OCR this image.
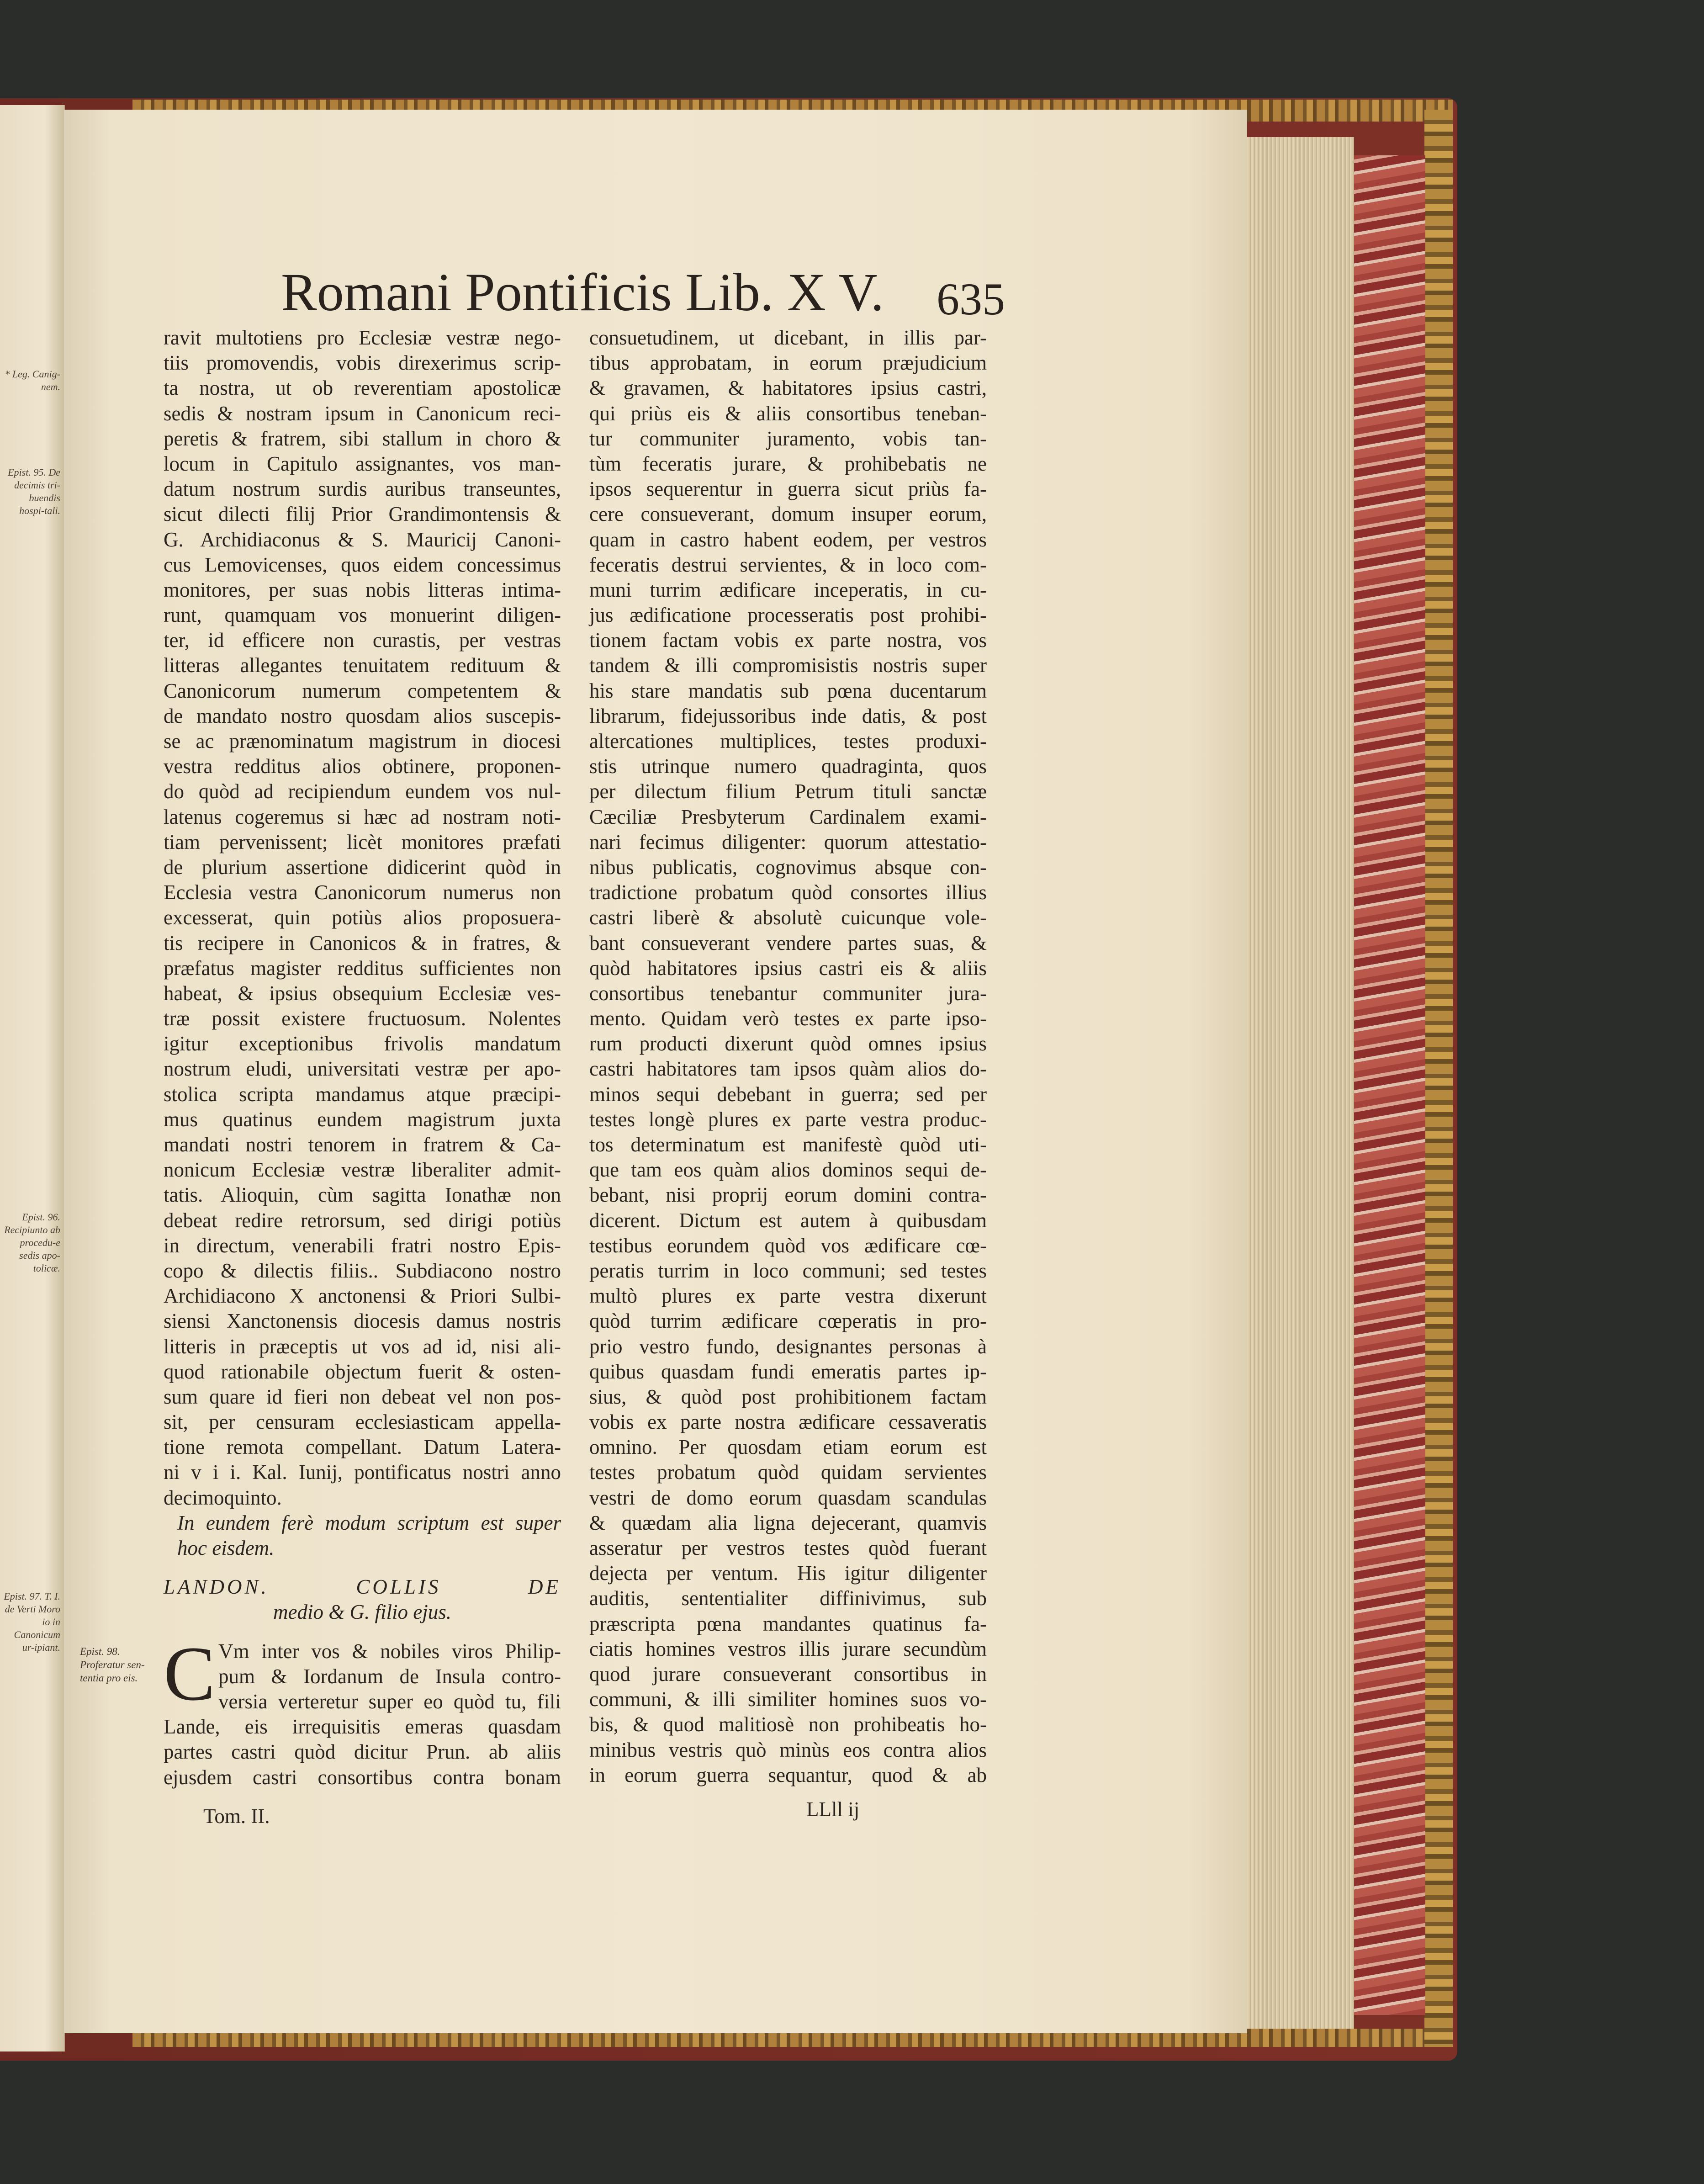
* Leg. Canig-nem.
Epist. 95. De decimis tri-buendis hospi-tali.
Epist. 96. Recipiunto ab procedu-e sedis apo-tolicæ.
Epist. 97. T. I. de Verti Moro io in Canonicum ur-ipiant.
Romani Pontificis Lib. X V. 635
Epist. 98. Proferatur sen-tentia pro eis.
ravit multotiens pro Ecclesiæ vestræ nego-
tiis promovendis, vobis direxerimus scrip-
ta nostra, ut ob reverentiam apostolicæ
sedis & nostram ipsum in Canonicum reci-
peretis & fratrem, sibi stallum in choro &
locum in Capitulo assignantes, vos man-
datum nostrum surdis auribus transeuntes,
sicut dilecti filij Prior Grandimontensis &
G. Archidiaconus & S. Mauricij Canoni-
cus Lemovicenses, quos eidem concessimus
monitores, per suas nobis litteras intima-
runt, quamquam vos monuerint diligen-
ter, id efficere non curastis, per vestras
litteras allegantes tenuitatem redituum &
Canonicorum numerum competentem &
de mandato nostro quosdam alios suscepis-
se ac prænominatum magistrum in diocesi
vestra redditus alios obtinere, proponen-
do quòd ad recipiendum eundem vos nul-
latenus cogeremus si hæc ad nostram noti-
tiam pervenissent; licèt monitores præfati
de plurium assertione didicerint quòd in
Ecclesia vestra Canonicorum numerus non
excesserat, quin potiùs alios proposuera-
tis recipere in Canonicos & in fratres, &
præfatus magister redditus sufficientes non
habeat, & ipsius obsequium Ecclesiæ ves-
træ possit existere fructuosum. Nolentes
igitur exceptionibus frivolis mandatum
nostrum eludi, universitati vestræ per apo-
stolica scripta mandamus atque præcipi-
mus quatinus eundem magistrum juxta
mandati nostri tenorem in fratrem & Ca-
nonicum Ecclesiæ vestræ liberaliter admit-
tatis. Alioquin, cùm sagitta Ionathæ non
debeat redire retrorsum, sed dirigi potiùs
in directum, venerabili fratri nostro Epis-
copo & dilectis filiis.. Subdiacono nostro
Archidiacono X anctonensi & Priori Sulbi-
siensi Xanctonensis diocesis damus nostris
litteris in præceptis ut vos ad id, nisi ali-
quod rationabile objectum fuerit & osten-
sum quare id fieri non debeat vel non pos-
sit, per censuram ecclesiasticam appella-
tione remota compellant. Datum Latera-
ni v i i. Kal. Iunij, pontificatus nostri anno
decimoquinto.
In eundem ferè modum scriptum est super
hoc eisdem.
LANDON. COLLIS DE
medio & G. filio ejus.
C Vm inter vos & nobiles viros Philip-
pum & Iordanum de Insula contro-
versia verteretur super eo quòd tu, fili
Lande, eis irrequisitis emeras quasdam
partes castri quòd dicitur Prun. ab aliis
ejusdem castri consortibus contra bonam
consuetudinem, ut dicebant, in illis par-
tibus approbatam, in eorum præjudicium
& gravamen, & habitatores ipsius castri,
qui priùs eis & aliis consortibus teneban-
tur communiter juramento, vobis tan-
tùm feceratis jurare, & prohibebatis ne
ipsos sequerentur in guerra sicut priùs fa-
cere consueverant, domum insuper eorum,
quam in castro habent eodem, per vestros
feceratis destrui servientes, & in loco com-
muni turrim ædificare inceperatis, in cu-
jus ædificatione processeratis post prohibi-
tionem factam vobis ex parte nostra, vos
tandem & illi compromisistis nostris super
his stare mandatis sub pœna ducentarum
librarum, fidejussoribus inde datis, & post
altercationes multiplices, testes produxi-
stis utrinque numero quadraginta, quos
per dilectum filium Petrum tituli sanctæ
Cæciliæ Presbyterum Cardinalem exami-
nari fecimus diligenter: quorum attestatio-
nibus publicatis, cognovimus absque con-
tradictione probatum quòd consortes illius
castri liberè & absolutè cuicunque vole-
bant consueverant vendere partes suas, &
quòd habitatores ipsius castri eis & aliis
consortibus tenebantur communiter jura-
mento. Quidam verò testes ex parte ipso-
rum producti dixerunt quòd omnes ipsius
castri habitatores tam ipsos quàm alios do-
minos sequi debebant in guerra; sed per
testes longè plures ex parte vestra produc-
tos determinatum est manifestè quòd uti-
que tam eos quàm alios dominos sequi de-
bebant, nisi proprij eorum domini contra-
dicerent. Dictum est autem à quibusdam
testibus eorundem quòd vos ædificare cœ-
peratis turrim in loco communi; sed testes
multò plures ex parte vestra dixerunt
quòd turrim ædificare cœperatis in pro-
prio vestro fundo, designantes personas à
quibus quasdam fundi emeratis partes ip-
sius, & quòd post prohibitionem factam
vobis ex parte nostra ædificare cessaveratis
omnino. Per quosdam etiam eorum est
testes probatum quòd quidam servientes
vestri de domo eorum quasdam scandulas
& quædam alia ligna dejecerant, quamvis
asseratur per vestros testes quòd fuerant
dejecta per ventum. His igitur diligenter
auditis, sententialiter diffinivimus, sub
præscripta pœna mandantes quatinus fa-
ciatis homines vestros illis jurare secundùm
quod jurare consueverant consortibus in
communi, & illi similiter homines suos vo-
bis, & quod malitiosè non prohibeatis ho-
minibus vestris quò minùs eos contra alios
in eorum guerra sequantur, quod & ab
Tom. II.	LLll ij
